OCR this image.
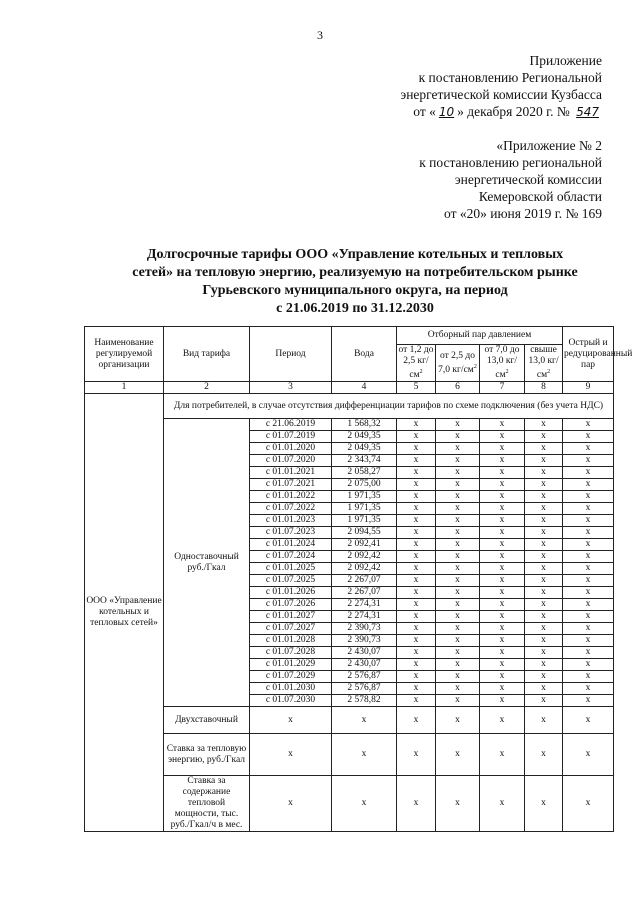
3
Приложение
к постановлению Региональной
энергетической комиссии Кузбасса
от « 10 » декабря 2020 г. № 547
«Приложение № 2
к постановлению региональной
энергетической комиссии
Кемеровской области
от «20» июня 2019 г. № 169
Долгосрочные тарифы ООО «Управление котельных и тепловых
сетей» на тепловую энергию, реализуемую на потребительском рынке
Гурьевского муниципального округа, на период
с 21.06.2019 по 31.12.2030
Наименование регулируемой организации	Вид тарифа	Период	Вода	Отборный пар давлением				Острый и редуцированный пар
				от 1,2 до 2,5 $кг/см^2$	от 2,5 до 7,0 $кг/см^2$	от 7,0 до 13,0 $кг/см^2$	свыше 13,0 $кг/см^2$
1	2	3	4	5	6	7	8	9
ООО «Управление котельных и тепловых сетей»	Для потребителей, в случае отсутствия дифференциации тарифов по схеме подключения (без учета НДС)							
	Одноставочный руб./Гкал	с 21.06.2019	1 568,32	х	х	х	х	х
		с 01.07.2019	2 049,35	х	х	х	х	х
		с 01.01.2020	2 049,35	х	х	х	х	х
		с 01.07.2020	2 343,74	х	х	х	х	х
		с 01.01.2021	2 058,27	х	х	х	х	х
		с 01.07.2021	2 075,00	х	х	х	х	х
		с 01.01.2022	1 971,35	х	х	х	х	х
		с 01.07.2022	1 971,35	х	х	х	х	х
		с 01.01.2023	1 971,35	х	х	х	х	х
		с 01.07.2023	2 094,55	х	х	х	х	х
		с 01.01.2024	2 092,41	х	х	х	х	х
		с 01.07.2024	2 092,42	х	х	х	х	х
		с 01.01.2025	2 092,42	х	х	х	х	х
		с 01.07.2025	2 267,07	х	х	х	х	х
		с 01.01.2026	2 267,07	х	х	х	х	х
		с 01.07.2026	2 274,31	х	х	х	х	х
		с 01.01.2027	2 274,31	х	х	х	х	х
		с 01.07.2027	2 390,73	х	х	х	х	х
		с 01.01.2028	2 390,73	х	х	х	х	х
		с 01.07.2028	2 430,07	х	х	х	х	х
		с 01.01.2029	2 430,07	х	х	х	х	х
		с 01.07.2029	2 576,87	х	х	х	х	х
		с 01.01.2030	2 576,87	х	х	х	х	х
		с 01.07.2030	2 578,82	х	х	х	х	х
	Двухставочный	х	х	х	х	х	х	х
	Ставка за тепловую энергию, руб./Гкал	х	х	х	х	х	х	х
	Ставка за содержание тепловой мощности, тыс. руб./Гкал/ч в мес.	х	х	х	х	х	х	х
